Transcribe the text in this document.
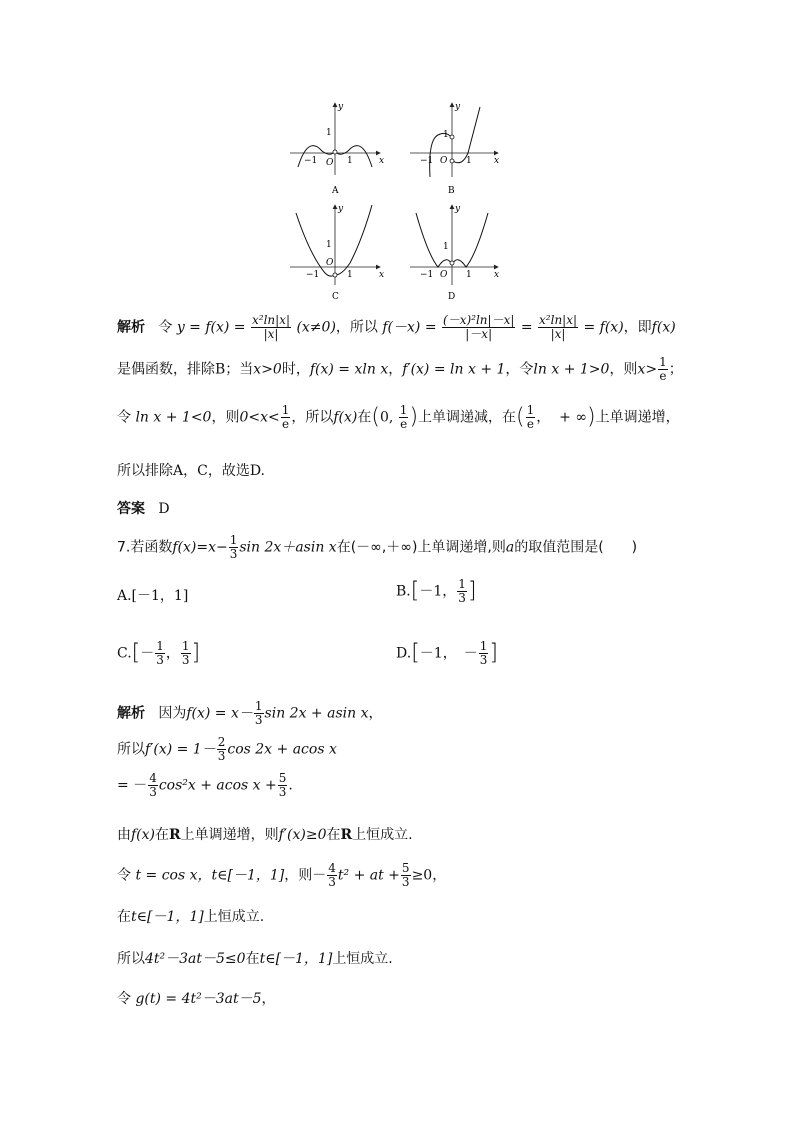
y
x
O
−1	1
1
A
y
x
O
−1	1
1
B
y
x
O
−1	1
1
C
y
x
O
−1	1
1
D
解析 令 $y = f(x) = \frac{\text{x²ln|x|}}{|x|} (x\ne 0)$，所以 $f(-x) = \frac{\text{(－x)²ln|－x|}}{|-x|} = \frac{\text{x²ln|x|}}{|x|} = f(x)$，即f(x)
是偶函数，排除B；当x>0时，f(x) = xln x，f′(x) = ln x + 1，令ln x + 1>0，则$x> \frac{1}{e}$ ；
令 ln x + 1<0，则$0<x< \frac{1}{e}$ ，所以f(x)在(0, $\frac{1}{e}$ )上单调递减，在( $\frac{1}{e}$ ， + ∞)上单调递增，
所以排除A，C，故选D.
答案 D
7.若函数$f(x)=x- \frac{1}{3}$ sin 2x＋asin x在(－∞,＋∞)上单调递增,则a的取值范围是(　　)
A.[－1，1]	B.[－1， $\frac{1}{3}$ ]
$C.[- \frac{1}{3}$ ， $\frac{1}{3}$ ]	D.[－1，　－ $\frac{1}{3}$ ]
解析 因为$f(x) = x- \frac{1}{3}$ sin 2x + asin x，
所以$f'(x) = 1- \frac{2}{3}$ cos 2x + acos x
= － $\frac{4}{3} \cos^2x + acos$ $x + \frac{5}{3}$ .
由f(x)在R上单调递增，则f′(x)≥0在R上恒成立.
令 t = cos x，t∈[－1，1]，则－ $\frac{4}{3} t^2$ + at + $\frac{5}{3} \ge 0$，
在t∈[－1，1]上恒成立.
所以4t²－3at－5≤0在t∈[－1，1]上恒成立.
令 g(t) = 4t²－3at－5，
